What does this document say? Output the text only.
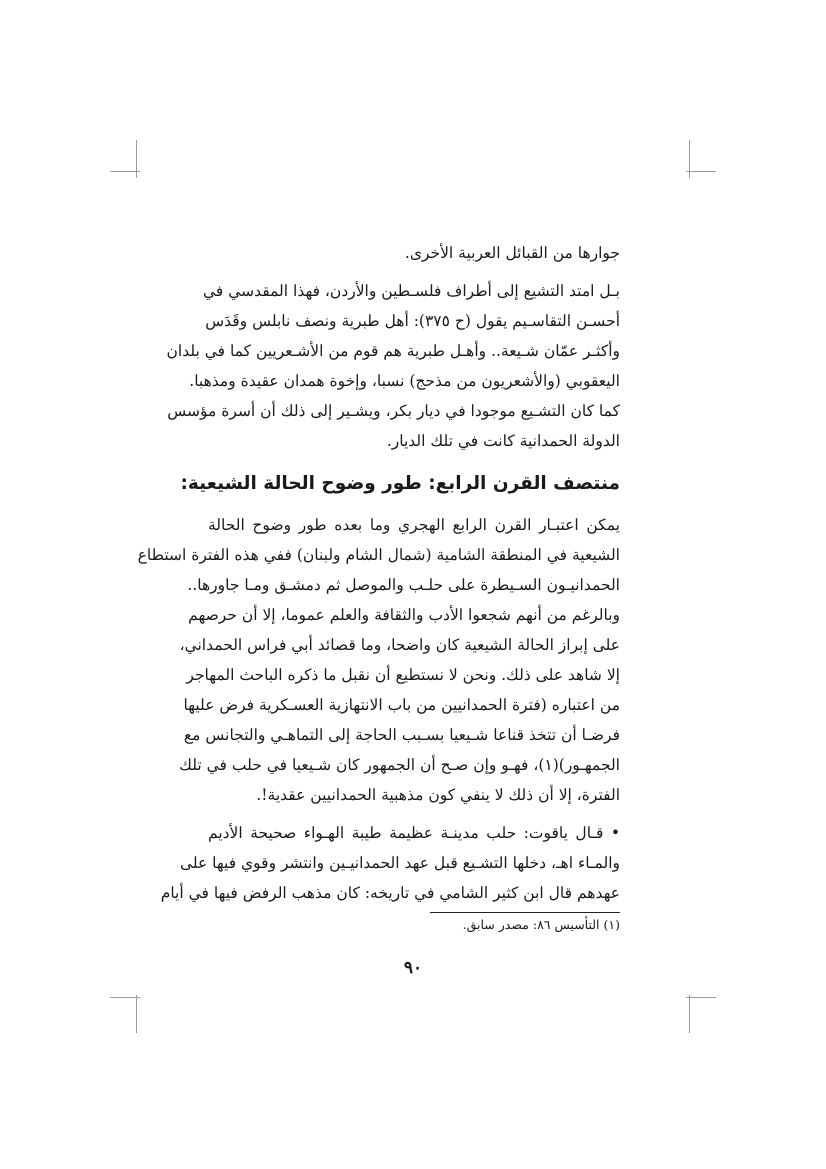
جوارها من القبائل العربية الأخرى.
بـل امتد التشيع إلى أطراف فلسـطين والأردن، فهذا المقدسي في
أحسـن التقاسـيم يقول (ح ٣٧٥): أهل طبرية ونصف نابلس وقَدَس
وأكثـر عمّان شـيعة.. وأهـل طبرية هم قوم من الأشـعريين كما في بلدان
اليعقوبي (والأشعريون من مذحج) نسبا، وإخوة همدان عقيدة ومذهبا.
كما كان التشـيع موجودا في ديار بكر، ويشـير إلى ذلك أن أسرة مؤسس
الدولة الحمدانية كانت في تلك الديار.
منتصف القرن الرابع: طور وضوح الحالة الشيعية:
يمكن اعتبـار القرن الرابع الهجري وما بعده طور وضوح الحالة
الشيعية في المنطقة الشامية (شمال الشام ولبنان) ففي هذه الفترة استطاع
الحمدانيـون السـيطرة على حلـب والموصل ثم دمشـق ومـا جاورها..
وبالرغم من أنهم شجعوا الأدب والثقافة والعلم عموما، إلا أن حرصهم
على إبراز الحالة الشيعية كان واضحا، وما قصائد أبي فراس الحمداني،
إلا شاهد على ذلك. ونحن لا نستطيع أن نقبل ما ذكره الباحث المهاجر
من اعتباره (فترة الحمدانيين من باب الانتهازية العسـكرية فرض عليها
فرضـا أن تتخذ قناعا شـيعيا بسـبب الحاجة إلى التماهـي والتجانس مع
الجمهـور)(١)، فهـو وإن صـح أن الجمهور كان شـيعيا في حلب في تلك
الفترة، إلا أن ذلك لا ينفي كون مذهبية الحمدانيين عقدية!.
• قـال ياقوت: حلب مدينـة عظيمة طيبة الهـواء صحيحة الأديم
والمـاء اهـ، دخلها التشـيع قبل عهد الحمدانيـين وانتشر وقوي فيها على
عهدهم قال ابن كثير الشامي في تاريخه: كان مذهب الرفض فيها في أيام
(١) التأسيس ٨٦: مصدر سابق.
٩٠
